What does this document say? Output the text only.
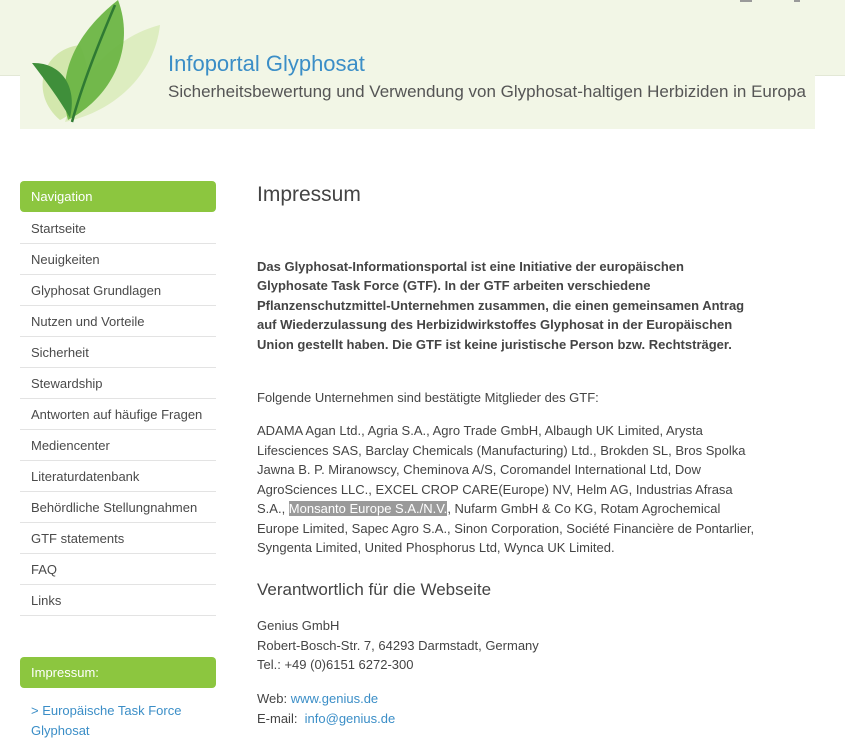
Infoportal Glyphosat
Sicherheitsbewertung und Verwendung von Glyphosat-haltigen Herbiziden in Europa
Navigation
Startseite
Neuigkeiten
Glyphosat Grundlagen
Nutzen und Vorteile
Sicherheit
Stewardship
Antworten auf häufige Fragen
Mediencenter
Literaturdatenbank
Behördliche Stellungnahmen
GTF statements
FAQ
Links
Impressum:
> Europäische Task Force Glyphosat
Impressum

Das Glyphosat-Informationsportal ist eine Initiative der europäischen Glyphosate Task Force (GTF). In der GTF arbeiten verschiedene Pflanzenschutzmittel-Unternehmen zusammen, die einen gemeinsamen Antrag auf Wiederzulassung des Herbizidwirkstoffes Glyphosat in der Europäischen Union gestellt haben. Die GTF ist keine juristische Person bzw. Rechtsträger.

Folgende Unternehmen sind bestätigte Mitglieder des GTF:

ADAMA Agan Ltd., Agria S.A., Agro Trade GmbH, Albaugh UK Limited, Arysta Lifesciences SAS, Barclay Chemicals (Manufacturing) Ltd., Brokden SL, Bros Spolka Jawna B. P. Miranowscy, Cheminova A/S, Coromandel International Ltd, Dow AgroSciences LLC., EXCEL CROP CARE(Europe) NV, Helm AG, Industrias Afrasa S.A., Monsanto Europe S.A./N.V., Nufarm GmbH & Co KG, Rotam Agrochemical Europe Limited, Sapec Agro S.A., Sinon Corporation, Société Financière de Pontarlier, Syngenta Limited, United Phosphorus Ltd, Wynca UK Limited.

Verantwortlich für die Webseite
Genius GmbH
Robert-Bosch-Str. 7, 64293 Darmstadt, Germany
Tel.: +49 (0)6151 6272-300
Web: www.genius.de
E-mail:  info@genius.de
